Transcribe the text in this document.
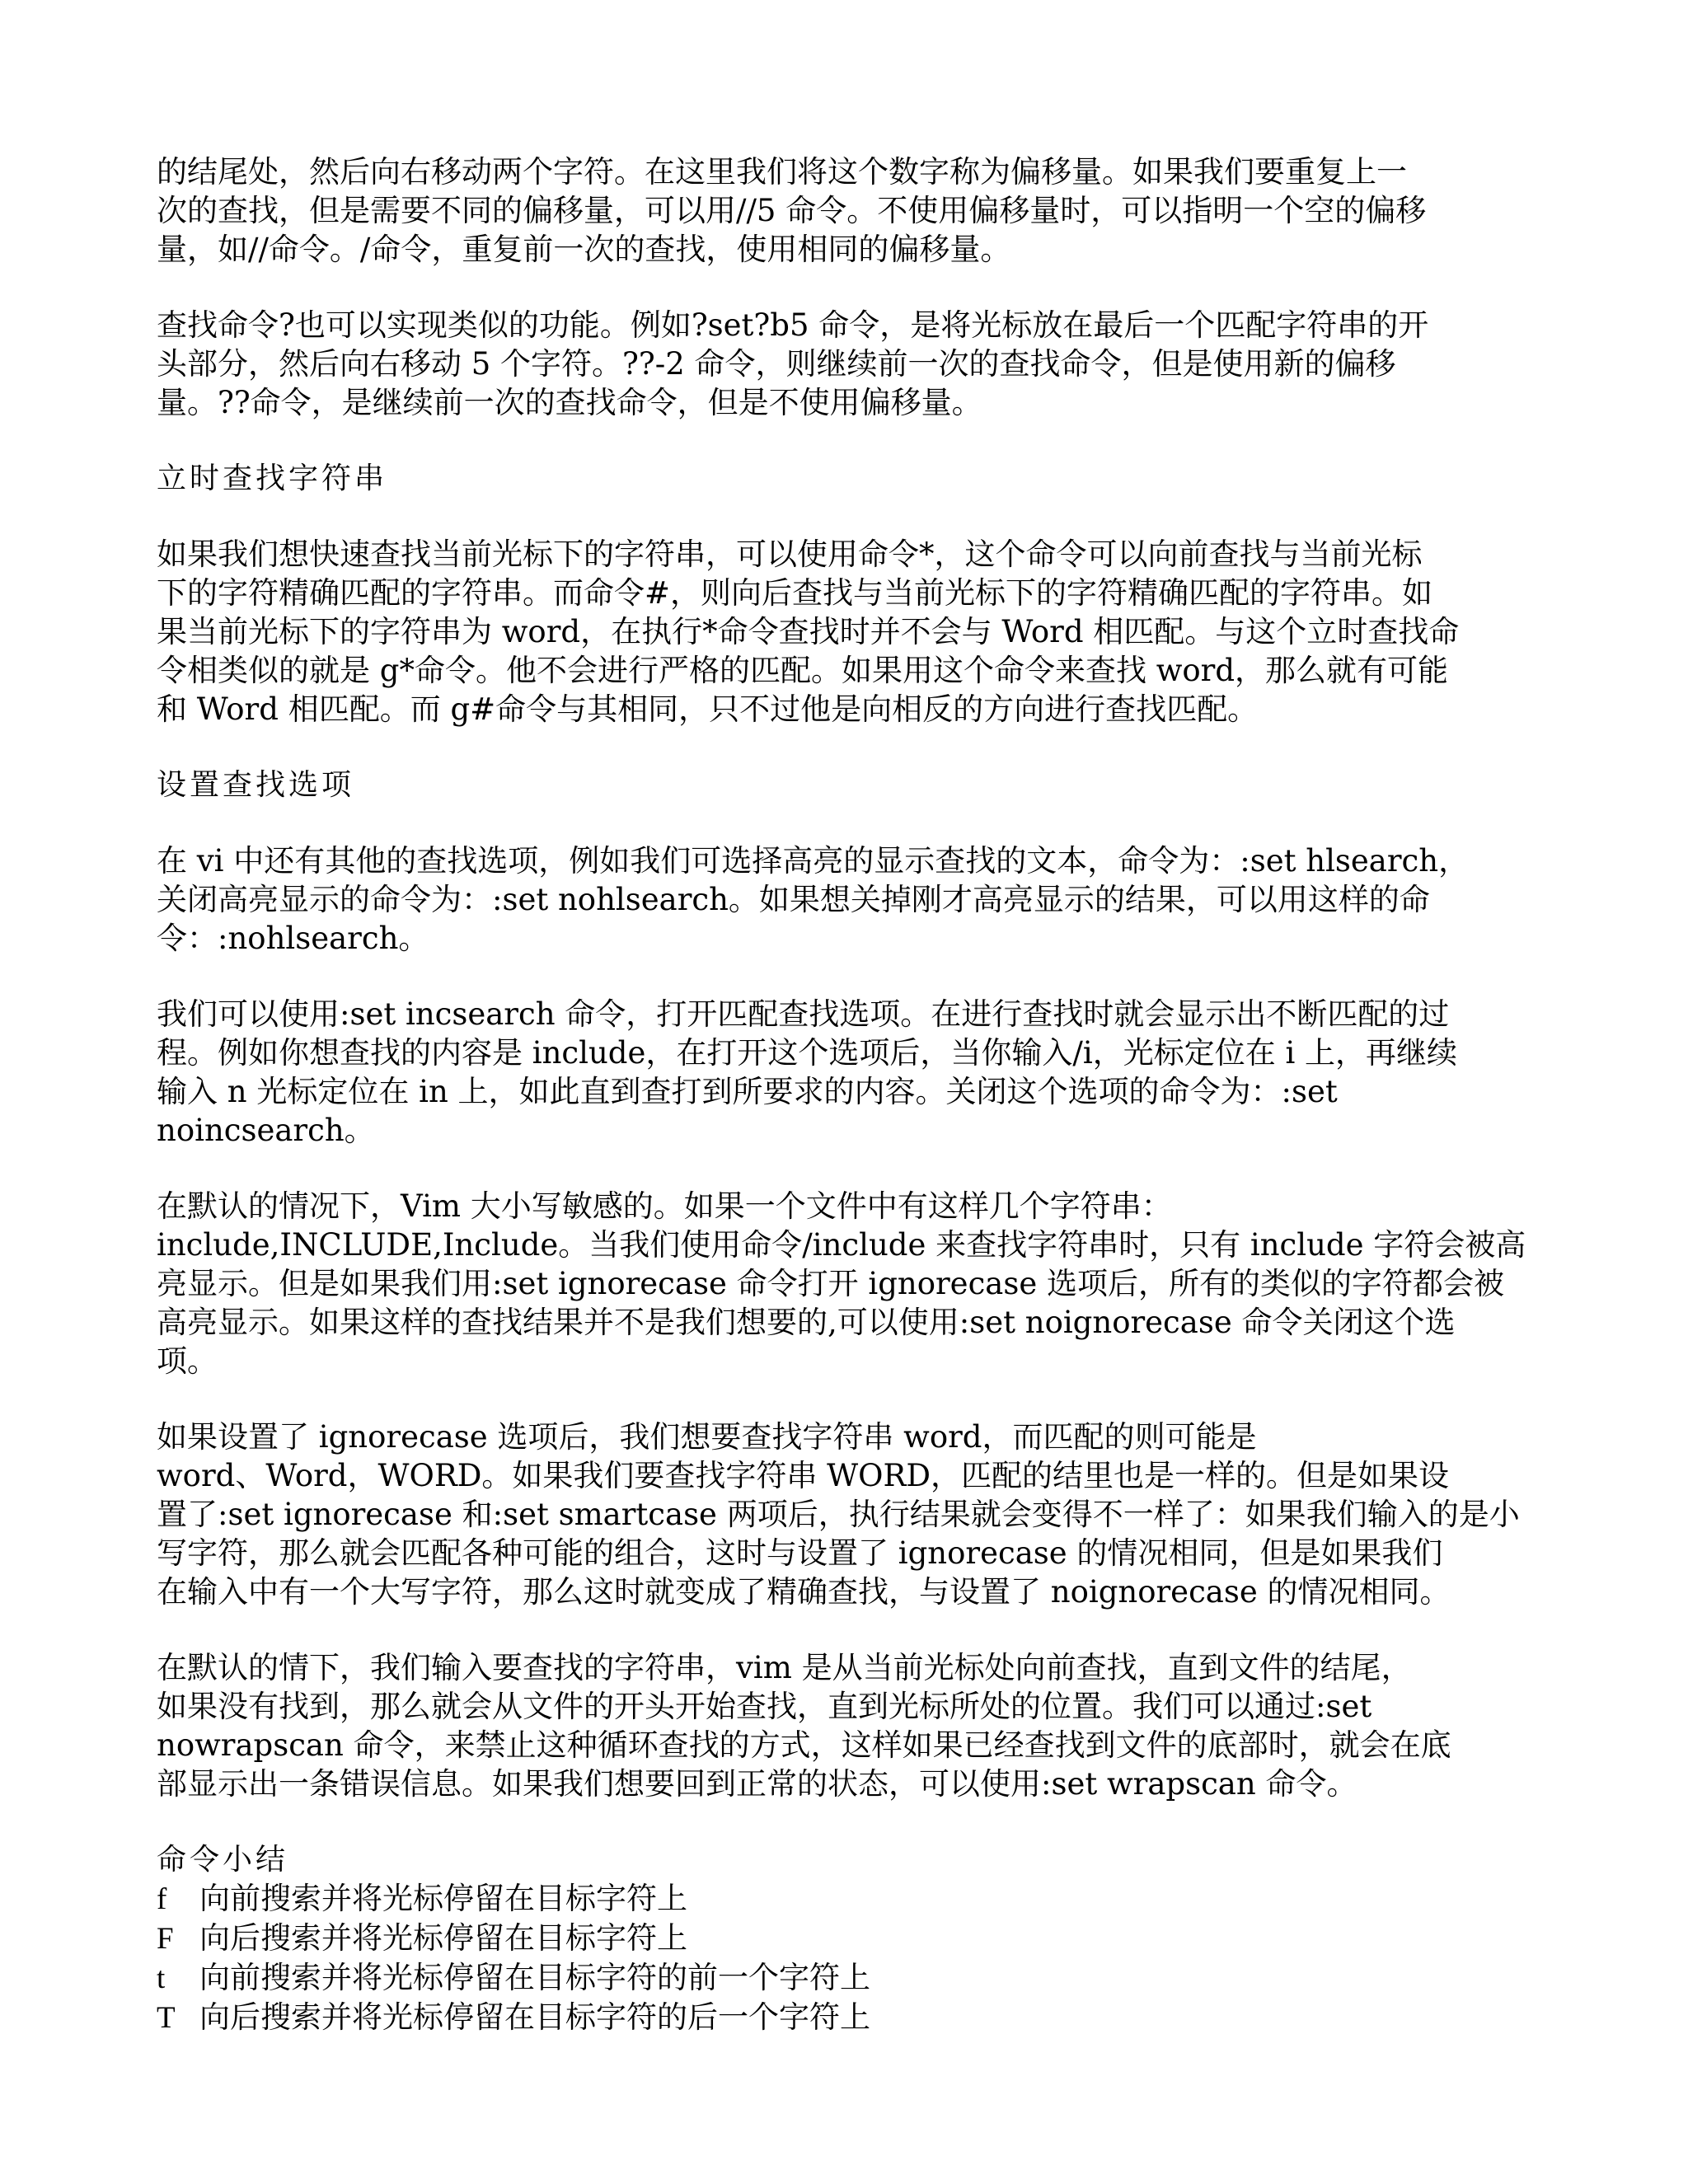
的结尾处，然后向右移动两个字符。在这里我们将这个数字称为偏移量。如果我们要重复上一
次的查找，但是需要不同的偏移量，可以用//5 命令。不使用偏移量时，可以指明一个空的偏移
量，如//命令。/命令，重复前一次的查找，使用相同的偏移量。

查找命令?也可以实现类似的功能。例如?set?b5 命令，是将光标放在最后一个匹配字符串的开
头部分，然后向右移动 5 个字符。??-2 命令，则继续前一次的查找命令，但是使用新的偏移
量。??命令，是继续前一次的查找命令，但是不使用偏移量。

立时查找字符串

如果我们想快速查找当前光标下的字符串，可以使用命令*，这个命令可以向前查找与当前光标
下的字符精确匹配的字符串。而命令#，则向后查找与当前光标下的字符精确匹配的字符串。如
果当前光标下的字符串为 word，在执行*命令查找时并不会与 Word 相匹配。与这个立时查找命
令相类似的就是 g*命令。他不会进行严格的匹配。如果用这个命令来查找 word，那么就有可能
和 Word 相匹配。而 g#命令与其相同，只不过他是向相反的方向进行查找匹配。

设置查找选项

在 vi 中还有其他的查找选项，例如我们可选择高亮的显示查找的文本，命令为：:set hlsearch，
关闭高亮显示的命令为：:set nohlsearch。如果想关掉刚才高亮显示的结果，可以用这样的命
令：:nohlsearch。

我们可以使用:set incsearch 命令，打开匹配查找选项。在进行查找时就会显示出不断匹配的过
程。例如你想查找的内容是 include，在打开这个选项后，当你输入/i，光标定位在 i 上，再继续
输入 n 光标定位在 in 上，如此直到查打到所要求的内容。关闭这个选项的命令为：:set
noincsearch。

在默认的情况下，Vim 大小写敏感的。如果一个文件中有这样几个字符串：
include,INCLUDE,Include。当我们使用命令/include 来查找字符串时，只有 include 字符会被高
亮显示。但是如果我们用:set ignorecase 命令打开 ignorecase 选项后，所有的类似的字符都会被
高亮显示。如果这样的查找结果并不是我们想要的,可以使用:set noignorecase 命令关闭这个选
项。

如果设置了 ignorecase 选项后，我们想要查找字符串 word，而匹配的则可能是
word、Word，WORD。如果我们要查找字符串 WORD，匹配的结里也是一样的。但是如果设
置了:set ignorecase 和:set smartcase 两项后，执行结果就会变得不一样了：如果我们输入的是小
写字符，那么就会匹配各种可能的组合，这时与设置了 ignorecase 的情况相同，但是如果我们
在输入中有一个大写字符，那么这时就变成了精确查找，与设置了 noignorecase 的情况相同。

在默认的情下，我们输入要查找的字符串，vim 是从当前光标处向前查找，直到文件的结尾，
如果没有找到，那么就会从文件的开头开始查找，直到光标所处的位置。我们可以通过:set
nowrapscan 命令，来禁止这种循环查找的方式，这样如果已经查找到文件的底部时，就会在底
部显示出一条错误信息。如果我们想要回到正常的状态，可以使用:set wrapscan 命令。

命令小结

f	向前搜索并将光标停留在目标字符上
F 向后搜索并将光标停留在目标字符上
t	向前搜索并将光标停留在目标字符的前一个字符上
T 向后搜索并将光标停留在目标字符的后一个字符上
